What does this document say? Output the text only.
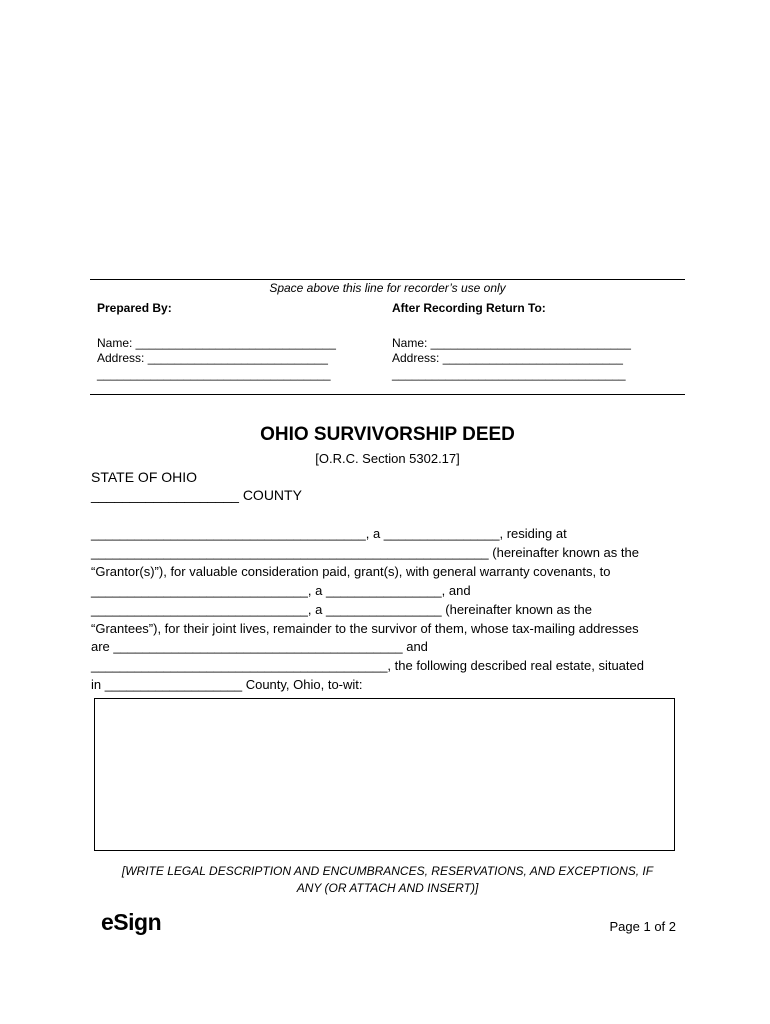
Space above this line for recorder’s use only
Prepared By:
Name: ______________________________
Address: ___________________________
___________________________________
After Recording Return To:
Name: ______________________________
Address: ___________________________
___________________________________
OHIO SURVIVORSHIP DEED
[O.R.C. Section 5302.17]
STATE OF OHIO
___________________ COUNTY
______________________________________, a ________________, residing at
_______________________________________________________ (hereinafter known as the
“Grantor(s)”), for valuable consideration paid, grant(s), with general warranty covenants, to
______________________________, a ________________, and
______________________________, a ________________ (hereinafter known as the
“Grantees”), for their joint lives, remainder to the survivor of them, whose tax-mailing addresses
are ________________________________________ and
_________________________________________, the following described real estate, situated
in ___________________ County, Ohio, to-wit:
[WRITE LEGAL DESCRIPTION AND ENCUMBRANCES, RESERVATIONS, AND EXCEPTIONS, IF
ANY (OR ATTACH AND INSERT)]
eSign	Page 1 of 2
